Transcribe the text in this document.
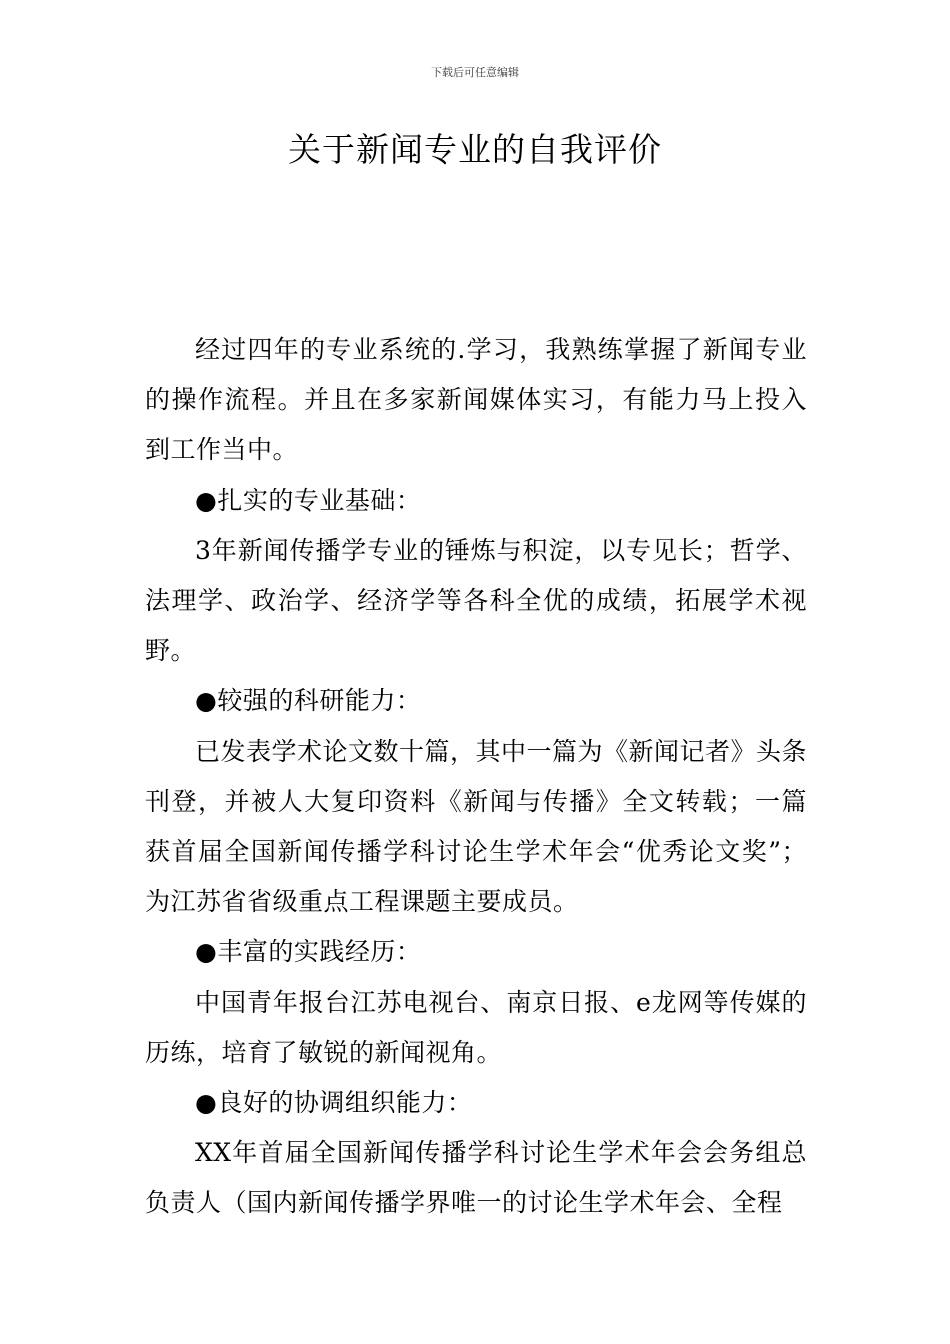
下载后可任意编辑
关于新闻专业的自我评价

经过四年的专业系统的.学习，我熟练掌握了新闻专业的操作流程。并且在多家新闻媒体实习，有能力马上投入到工作当中。

●扎实的专业基础：

3年新闻传播学专业的锤炼与积淀，以专见长；哲学、法理学、政治学、经济学等各科全优的成绩，拓展学术视野。

●较强的科研能力：

已发表学术论文数十篇，其中一篇为《新闻记者》头条刊登，并被人大复印资料《新闻与传播》全文转载；一篇获首届全国新闻传播学科讨论生学术年会“优秀论文奖”；为江苏省省级重点工程课题主要成员。

●丰富的实践经历：

中国青年报台江苏电视台、南京日报、e龙网等传媒的历练，培育了敏锐的新闻视角。

●良好的协调组织能力：

XX年首届全国新闻传播学科讨论生学术年会会务组总负责人（国内新闻传播学界唯一的讨论生学术年会、全程
